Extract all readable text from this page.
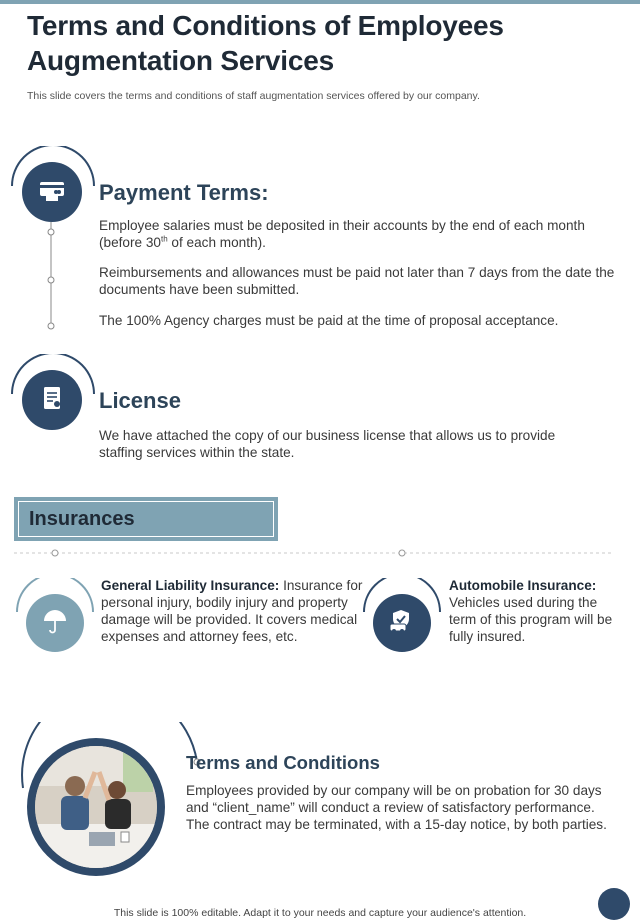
Terms and Conditions of Employees Augmentation Services
This slide covers the terms and conditions of staff augmentation services offered by our company.
Payment Terms:
Employee salaries must be deposited in their accounts by the end of each month (before 30th of each month).
Reimbursements and allowances must be paid not later than 7 days from the date the documents have been submitted.
The 100% Agency charges must be paid at the time of proposal acceptance.
License
We have attached the copy of our business license that allows us to provide staffing services within the state.
Insurances
General Liability Insurance: Insurance for personal injury, bodily injury and property damage will be provided. It covers medical expenses and attorney fees, etc.
Automobile Insurance: Vehicles used during the term of this program will be fully insured.
Terms and Conditions
Employees provided by our company will be on probation for 30 days and “client_name” will conduct a review of satisfactory performance. The contract may be terminated, with a 15-day notice, by both parties.
This slide is 100% editable. Adapt it to your needs and capture your audience's attention.
